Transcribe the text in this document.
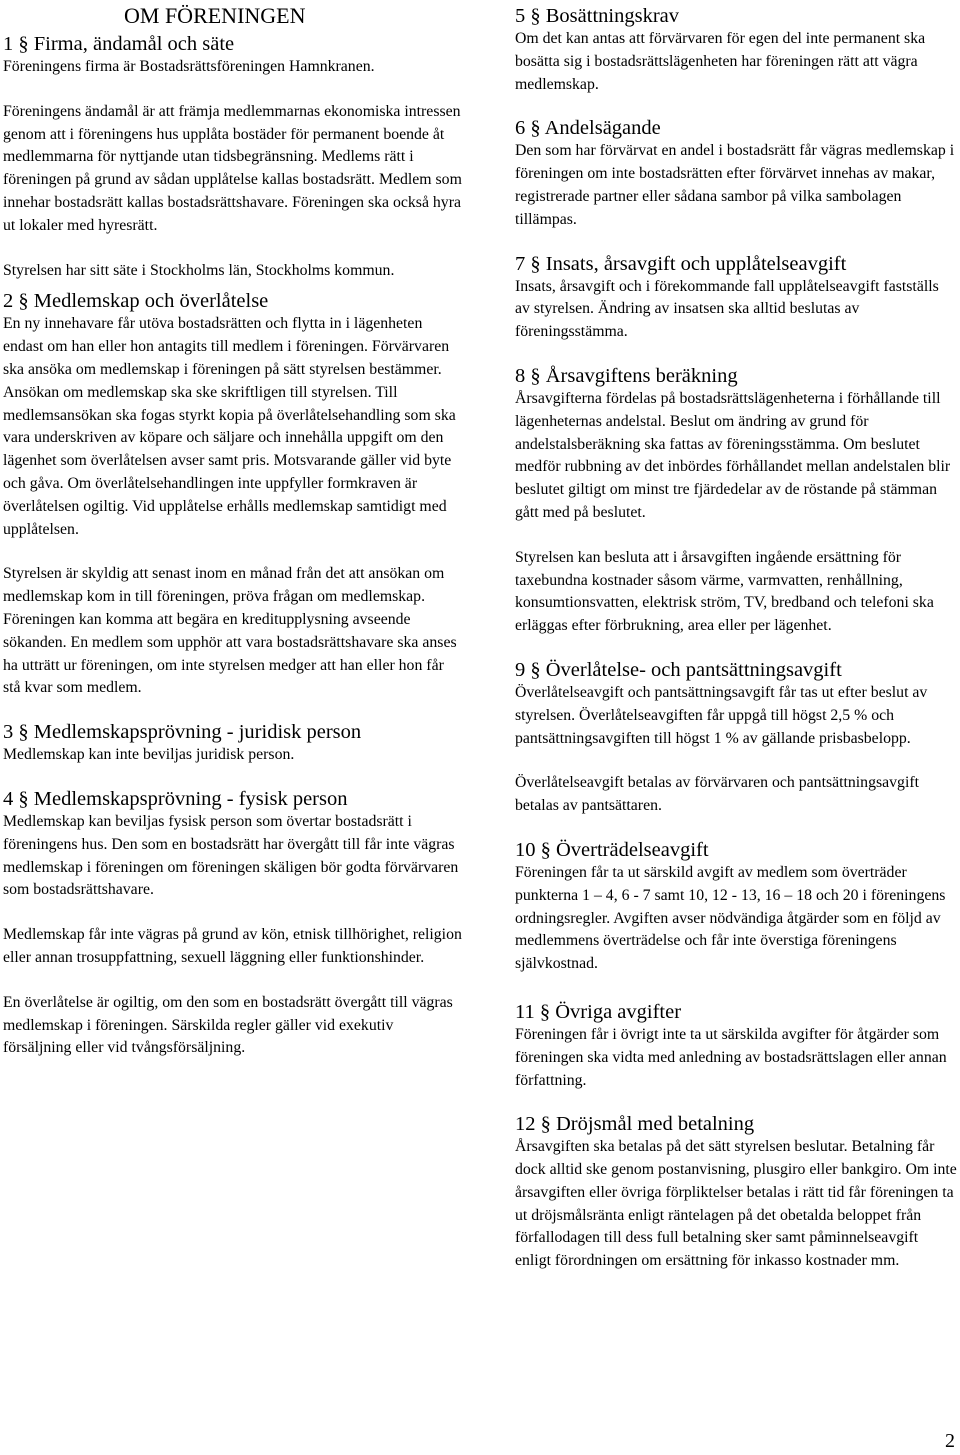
OM FÖRENINGEN
1 § Firma, ändamål och säte

Föreningens firma är Bostadsrättsföreningen Hamnkranen.

Föreningens ändamål är att främja medlemmarnas ekonomiska intressen genom att i föreningens hus upplåta bostäder för permanent boende åt medlemmarna för nyttjande utan tidsbegränsning. Medlems rätt i föreningen på grund av sådan upplåtelse kallas bostadsrätt. Medlem som innehar bostadsrätt kallas bostadsrättshavare. Föreningen ska också hyra ut lokaler med hyresrätt.

Styrelsen har sitt säte i Stockholms län, Stockholms kommun.

2 § Medlemskap och överlåtelse

En ny innehavare får utöva bostadsrätten och flytta in i lägenheten endast om han eller hon antagits till medlem i föreningen. Förvärvaren ska ansöka om medlemskap i föreningen på sätt styrelsen bestämmer. Ansökan om medlemskap ska ske skriftligen till styrelsen. Till medlemsansökan ska fogas styrkt kopia på överlåtelsehandling som ska vara underskriven av köpare och säljare och innehålla uppgift om den lägenhet som överlåtelsen avser samt pris. Motsvarande gäller vid byte och gåva. Om överlåtelsehandlingen inte uppfyller formkraven är överlåtelsen ogiltig. Vid upplåtelse erhålls medlemskap samtidigt med upplåtelsen.

Styrelsen är skyldig att senast inom en månad från det att ansökan om medlemskap kom in till föreningen, pröva frågan om medlemskap. Föreningen kan komma att begära en kreditupplysning avseende sökanden. En medlem som upphör att vara bostadsrättshavare ska anses ha utträtt ur föreningen, om inte styrelsen medger att han eller hon får stå kvar som medlem.

3 § Medlemskapsprövning - juridisk person

Medlemskap kan inte beviljas juridisk person.

4 § Medlemskapsprövning - fysisk person

Medlemskap kan beviljas fysisk person som övertar bostadsrätt i föreningens hus. Den som en bostadsrätt har övergått till får inte vägras medlemskap i föreningen om föreningen skäligen bör godta förvärvaren som bostadsrättshavare.

Medlemskap får inte vägras på grund av kön, etnisk tillhörighet, religion eller annan trosuppfattning, sexuell läggning eller funktionshinder.

En överlåtelse är ogiltig, om den som en bostadsrätt övergått till vägras medlemskap i föreningen. Särskilda regler gäller vid exekutiv försäljning eller vid tvångsförsäljning.

5 § Bosättningskrav

Om det kan antas att förvärvaren för egen del inte permanent ska bosätta sig i bostadsrättslägenheten har föreningen rätt att vägra medlemskap.

6 § Andelsägande

Den som har förvärvat en andel i bostadsrätt får vägras medlemskap i föreningen om inte bostadsrätten efter förvärvet innehas av makar, registrerade partner eller sådana sambor på vilka sambolagen tillämpas.

7 § Insats, årsavgift och upplåtelseavgift

Insats, årsavgift och i förekommande fall upplåtelseavgift fastställs av styrelsen. Ändring av insatsen ska alltid beslutas av föreningsstämma.

8 § Årsavgiftens beräkning

Årsavgifterna fördelas på bostadsrättslägenheterna i förhållande till lägenheternas andelstal. Beslut om ändring av grund för andelstalsberäkning ska fattas av föreningsstämma. Om beslutet medför rubbning av det inbördes förhållandet mellan andelstalen blir beslutet giltigt om minst tre fjärdedelar av de röstande på stämman gått med på beslutet.

Styrelsen kan besluta att i årsavgiften ingående ersättning för taxebundna kostnader såsom värme, varmvatten, renhållning, konsumtionsvatten, elektrisk ström, TV, bredband och telefoni ska erläggas efter förbrukning, area eller per lägenhet.

9 § Överlåtelse- och pantsättningsavgift

Överlåtelseavgift och pantsättningsavgift får tas ut efter beslut av styrelsen. Överlåtelseavgiften får uppgå till högst 2,5 % och pantsättningsavgiften till högst 1 % av gällande prisbasbelopp.

Överlåtelseavgift betalas av förvärvaren och pantsättningsavgift betalas av pantsättaren.

10 § Överträdelseavgift

Föreningen får ta ut särskild avgift av medlem som överträder punkterna 1 – 4, 6 - 7 samt 10, 12 - 13, 16 – 18 och 20 i föreningens ordningsregler. Avgiften avser nödvändiga åtgärder som en följd av medlemmens överträdelse och får inte överstiga föreningens självkostnad.

11 § Övriga avgifter

Föreningen får i övrigt inte ta ut särskilda avgifter för åtgärder som föreningen ska vidta med anledning av bostadsrättslagen eller annan författning.

12 § Dröjsmål med betalning

Årsavgiften ska betalas på det sätt styrelsen beslutar. Betalning får dock alltid ske genom postanvisning, plusgiro eller bankgiro. Om inte årsavgiften eller övriga förpliktelser betalas i rätt tid får föreningen ta ut dröjsmålsränta enligt räntelagen på det obetalda beloppet från förfallodagen till dess full betalning sker samt påminnelseavgift enligt förordningen om ersättning för inkasso kostnader mm.

2
